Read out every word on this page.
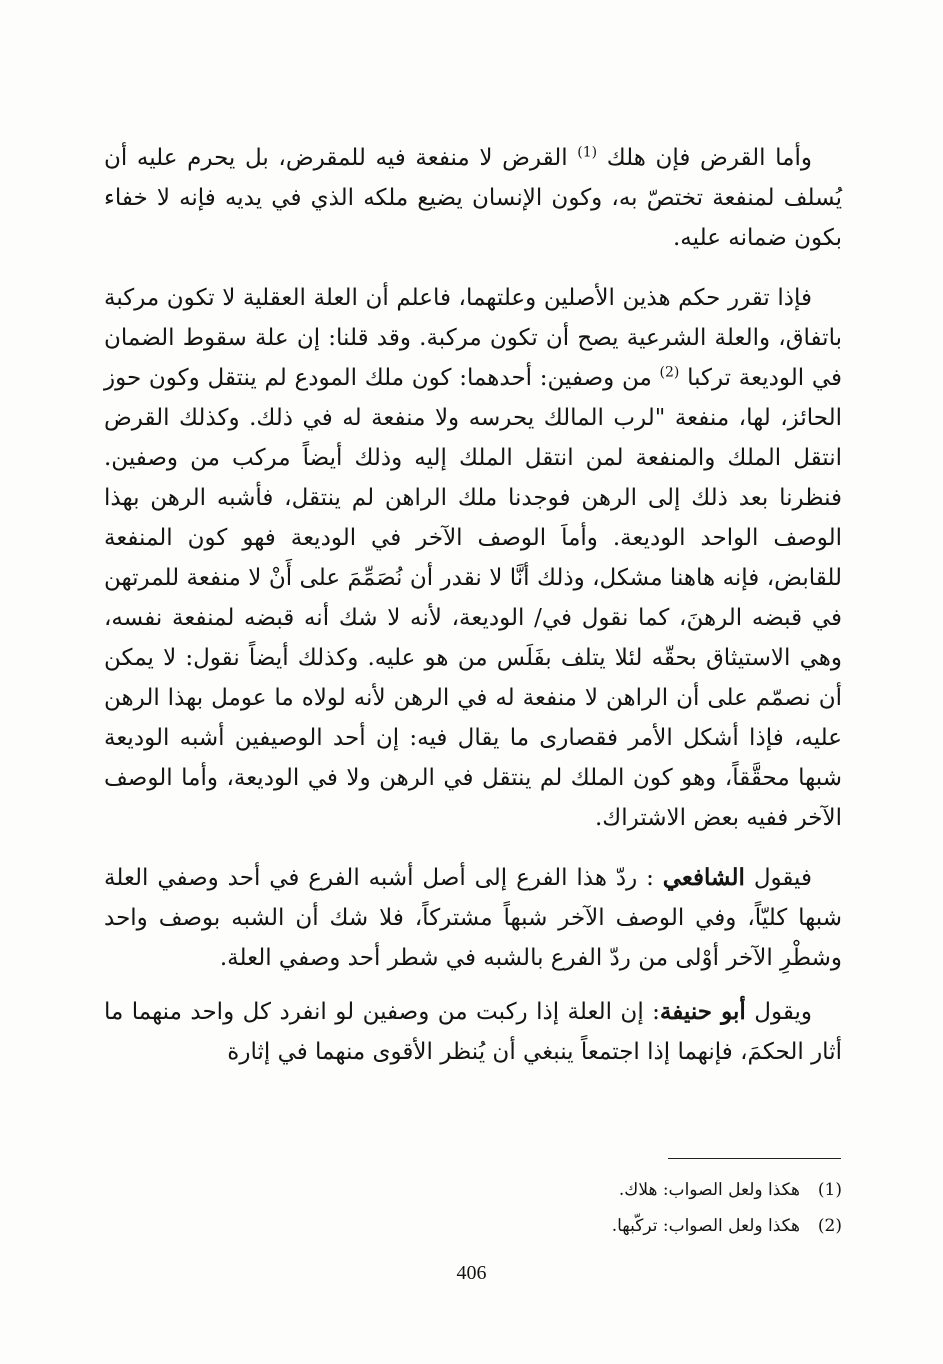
وأما القرض فإن هلك $^{(1)}$ القرض لا منفعة فيه للمقرض، بل يحرم عليه أن يُسلف لمنفعة تختصّ به، وكون الإنسان يضيع ملكه الذي في يديه فإنه لا خفاء بكون ضمانه عليه.

فإذا تقرر حكم هذين الأصلين وعلتهما، فاعلم أن العلة العقلية لا تكون مركبة باتفاق، والعلة الشرعية يصح أن تكون مركبة. وقد قلنا: إن علة سقوط الضمان في الوديعة تركبا $^{(2)}$ من وصفين: أحدهما: كون ملك المودع لم ينتقل وكون حوز الحائز، لها، منفعة "لرب المالك يحرسه ولا منفعة له في ذلك. وكذلك القرض انتقل الملك والمنفعة لمن انتقل الملك إليه وذلك أيضاً مركب من وصفين. فنظرنا بعد ذلك إلى الرهن فوجدنا ملك الراهن لم ينتقل، فأشبه الرهن بهذا الوصف الواحد الوديعة. وأماَ الوصف الآخر في الوديعة فهو كون المنفعة للقابض، فإنه هاهنا مشكل، وذلك أنَّا لا نقدر أن نُصَمِّمَ على أَنْ لا منفعة للمرتهن في قبضه الرهنَ، كما نقول في/ الوديعة، لأنه لا شك أنه قبضه لمنفعة نفسه، وهي الاستيثاق بحقّه لئلا يتلف بفَلَس من هو عليه. وكذلك أيضاً نقول: لا يمكن أن نصمّم على أن الراهن لا منفعة له في الرهن لأنه لولاه ما عومل بهذا الرهن عليه، فإذا أشكل الأمر فقصارى ما يقال فيه: إن أحد الوصيفين أشبه الوديعة شبها محقَّقاً، وهو كون الملك لم ينتقل في الرهن ولا في الوديعة، وأما الوصف الآخر ففيه بعض الاشتراك.

فيقول الشافعي : ردّ هذا الفرع إلى أصل أشبه الفرع في أحد وصفي العلة شبها كليّاً، وفي الوصف الآخر شبهاً مشتركاً، فلا شك أن الشبه بوصف واحد وشطْرِ الآخر أوْلى من ردّ الفرع بالشبه في شطر أحد وصفي العلة.

ويقول أبو حنيفة: إن العلة إذا ركبت من وصفين لو انفرد كل واحد منهما ما أثار الحكمَ، فإنهما إذا اجتمعاً ينبغي أن يُنظر الأقوى منهما في إثارة

(1)
هكذا ولعل الصواب: هلاك.
(2)
هكذا ولعل الصواب: تركّبها.
406
